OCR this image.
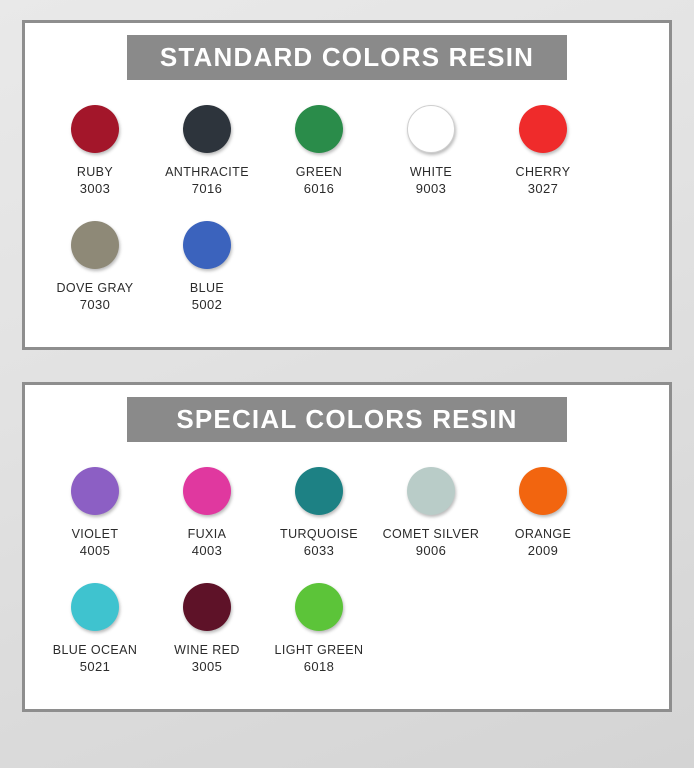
STANDARD COLORS RESIN
RUBY
3003
ANTHRACITE
7016
GREEN
6016
WHITE
9003
CHERRY
3027
DOVE GRAY
7030
BLUE
5002
SPECIAL COLORS RESIN
VIOLET
4005
FUXIA
4003
TURQUOISE
6033
COMET SILVER
9006
ORANGE
2009
BLUE OCEAN
5021
WINE RED
3005
LIGHT GREEN
6018
